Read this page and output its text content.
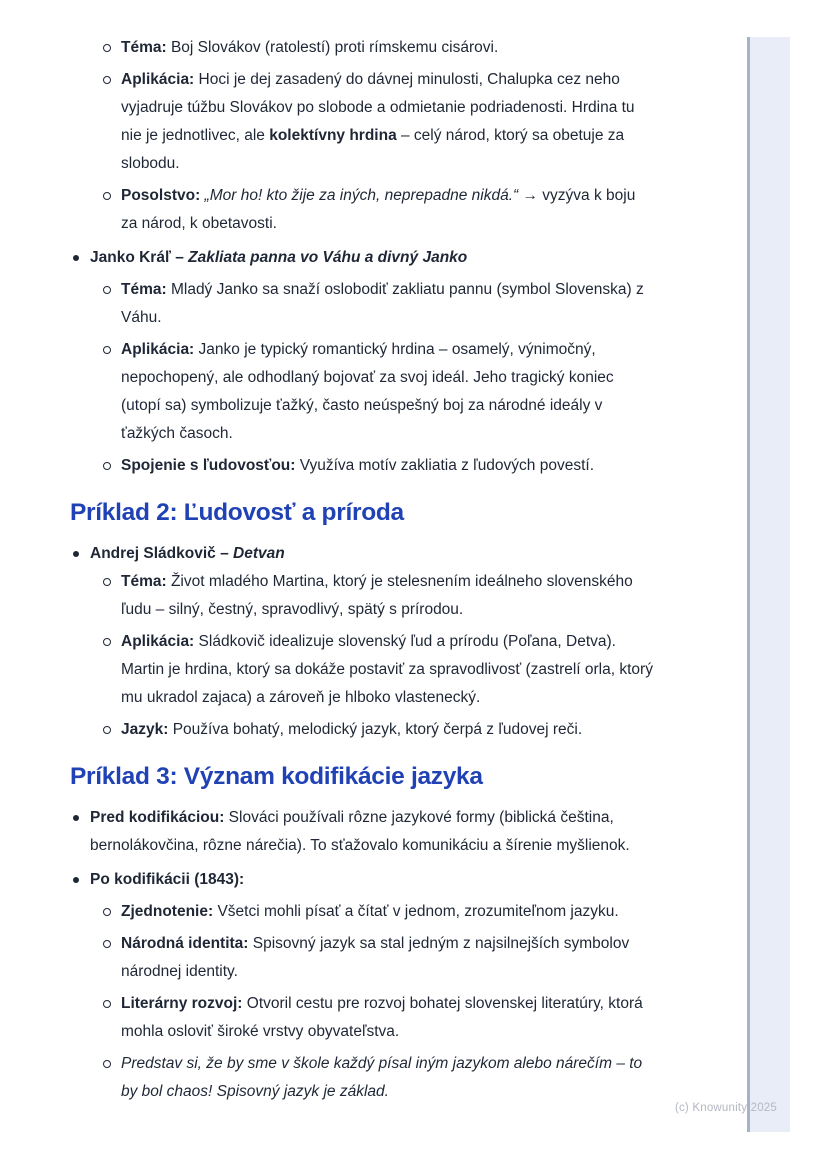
(c) Knowunity 2025
Téma: Boj Slovákov (ratolestí) proti rímskemu cisárovi.
Aplikácia: Hoci je dej zasadený do dávnej minulosti, Chalupka cez neho vyjadruje túžbu Slovákov po slobode a odmietanie podriadenosti. Hrdina tu nie je jednotlivec, ale kolektívny hrdina – celý národ, ktorý sa obetuje za slobodu.
Posolstvo: „Mor ho! kto žije za iných, neprepadne nikdá.“ → vyzýva k boju za národ, k obetavosti.
Janko Kráľ – Zakliata panna vo Váhu a divný Janko
Téma: Mladý Janko sa snaží oslobodiť zakliatu pannu (symbol Slovenska) z Váhu.
Aplikácia: Janko je typický romantický hrdina – osamelý, výnimočný, nepochopený, ale odhodlaný bojovať za svoj ideál. Jeho tragický koniec (utopí sa) symbolizuje ťažký, často neúspešný boj za národné ideály v ťažkých časoch.
Spojenie s ľudovosťou: Využíva motív zakliatia z ľudových povestí.
Príklad 2: Ľudovosť a príroda
Andrej Sládkovič – Detvan
Téma: Život mladého Martina, ktorý je stelesnením ideálneho slovenského ľudu – silný, čestný, spravodlivý, spätý s prírodou.
Aplikácia: Sládkovič idealizuje slovenský ľud a prírodu (Poľana, Detva). Martin je hrdina, ktorý sa dokáže postaviť za spravodlivosť (zastrelí orla, ktorý mu ukradol zajaca) a zároveň je hlboko vlastenecký.
Jazyk: Používa bohatý, melodický jazyk, ktorý čerpá z ľudovej reči.
Príklad 3: Význam kodifikácie jazyka
Pred kodifikáciou: Slováci používali rôzne jazykové formy (biblická čeština, bernolákovčina, rôzne nárečia). To sťažovalo komunikáciu a šírenie myšlienok.
Po kodifikácii (1843):
Zjednotenie: Všetci mohli písať a čítať v jednom, zrozumiteľnom jazyku.
Národná identita: Spisovný jazyk sa stal jedným z najsilnejších symbolov národnej identity.
Literárny rozvoj: Otvoril cestu pre rozvoj bohatej slovenskej literatúry, ktorá mohla osloviť široké vrstvy obyvateľstva.
Predstav si, že by sme v škole každý písal iným jazykom alebo nárečím – to by bol chaos! Spisovný jazyk je základ.
